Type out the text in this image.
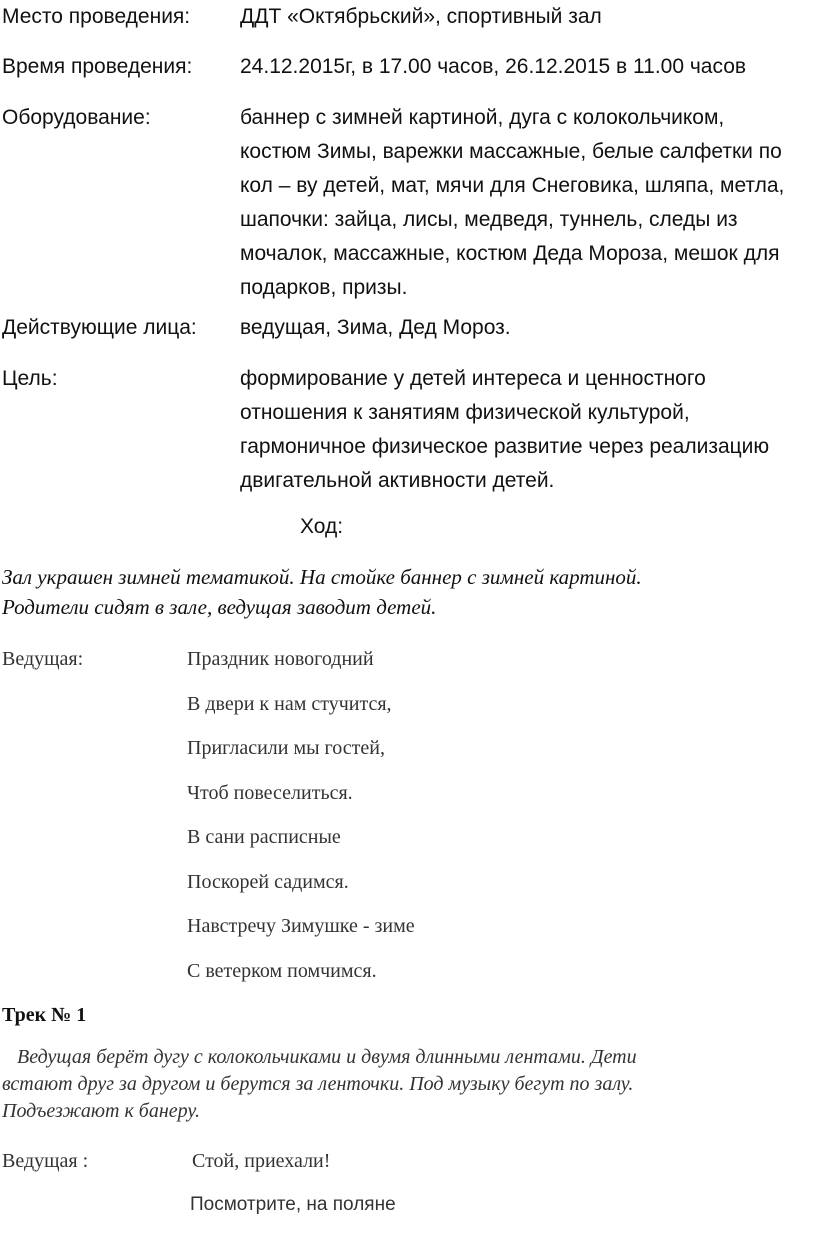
Место проведения: ДДТ «Октябрьский», спортивный зал
Время проведения: 24.12.2015г, в 17.00 часов, 26.12.2015 в 11.00 часов
Оборудование:	баннер с зимней картиной, дуга с колокольчиком,
костюм Зимы, варежки массажные, белые салфетки по
кол – ву детей, мат, мячи для Снеговика, шляпа, метла,
шапочки: зайца, лисы, медведя, туннель, следы из
мочалок, массажные, костюм Деда Мороза, мешок для
подарков, призы.
Действующие лица: ведущая, Зима, Дед Мороз.
Цель:	формирование у детей интереса и ценностного
отношения к занятиям физической культурой,
гармоничное физическое развитие через реализацию
двигательной активности детей.
Ход:
Зал украшен зимней тематикой. На стойке баннер с зимней картиной.
Родители сидят в зале, ведущая заводит детей.
Ведущая:	Праздник новогодний
В двери к нам стучится,
Пригласили мы гостей,
Чтоб повеселиться.
В сани расписные
Поскорей садимся.
Навстречу Зимушке - зиме
С ветерком помчимся.
Трек № 1
Ведущая берёт дугу с колокольчиками и двумя длинными лентами. Дети
встают друг за другом и берутся за ленточки. Под музыку бегут по залу.
Подъезжают к банеру.
Ведущая :	Стой, приехали!
Посмотрите, на поляне
